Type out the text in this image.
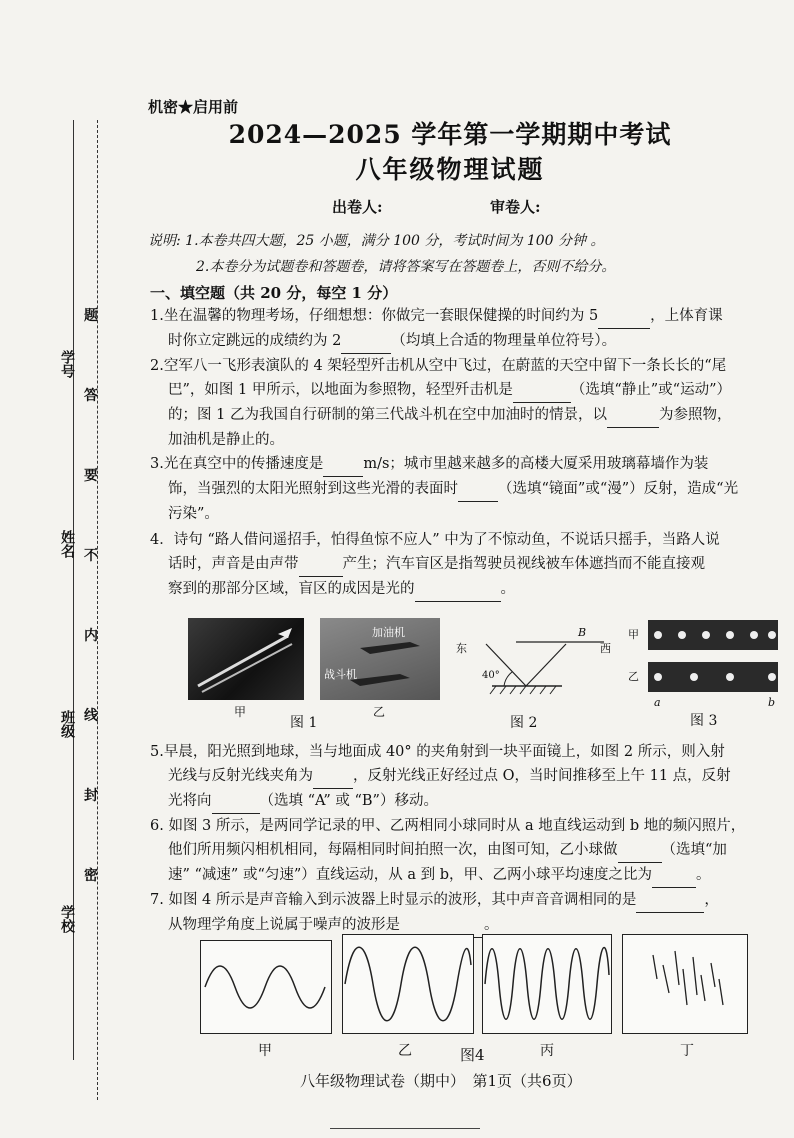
学号
姓名
班级
学校
题
答
要
不
内
线
封
密
机密★启用前
2024—2025 学年第一学期期中考试
八年级物理试题
出卷人:	审卷人:
说明: 1.本卷共四大题，25 小题，满分 100 分，考试时间为 100 分钟 。
2.本卷分为试题卷和答题卷，请将答案写在答题卷上，否则不给分。
一、填空题（共 20 分，每空 1 分）
1.坐在温馨的物理考场，仔细想想：你做完一套眼保健操的时间约为 5	，上体育课
时你立定跳远的成绩约为 2	（均填上合适的物理量单位符号）。
2.空军八一飞形表演队的 4 架轻型歼击机从空中飞过，在蔚蓝的天空中留下一条长长的“尾
巴”，如图 1 甲所示，以地面为参照物，轻型歼击机是	（选填“静止”或“运动”）
的；图 1 乙为我国自行研制的第三代战斗机在空中加油时的情景，以	为参照物，
加油机是静止的。
3.光在真空中的传播速度是	m/s；城市里越来越多的高楼大厦采用玻璃幕墙作为装
饰，当强烈的太阳光照射到这些光滑的表面时	（选填“镜面”或“漫”）反射，造成“光
污染”。
4．诗句 “路人借问遥招手，怕得鱼惊不应人” 中为了不惊动鱼，不说话只摇手，当路人说
话时，声音是由声带	产生；汽车盲区是指驾驶员视线被车体遮挡而不能直接观
察到的那部分区域，盲区的成因是光的	。
加油机
战斗机
甲	乙
图 1
东	西
B
40°
图 2
甲
乙
a	b
图 3
5.早晨，阳光照到地球，当与地面成 40° 的夹角射到一块平面镜上，如图 2 所示，则入射
光线与反射光线夹角为	，反射光线正好经过点 O，当时间推移至上午 11 点，反射
光将向	（选填 “A” 或 “B”）移动。
6. 如图 3 所示，是两同学记录的甲、乙两相同小球同时从 a 地直线运动到 b 地的频闪照片，
他们所用频闪相机相同，每隔相同时间拍照一次，由图可知，乙小球做	（选填“加
速” “减速” 或“匀速”）直线运动，从 a 到 b，甲、乙两小球平均速度之比为	。
7. 如图 4 所示是声音输入到示波器上时显示的波形，其中声音音调相同的是	，
从物理学角度上说属于噪声的波形是	。
甲	乙	丙	丁
图4
八年级物理试卷（期中）　第1页（共6页）
